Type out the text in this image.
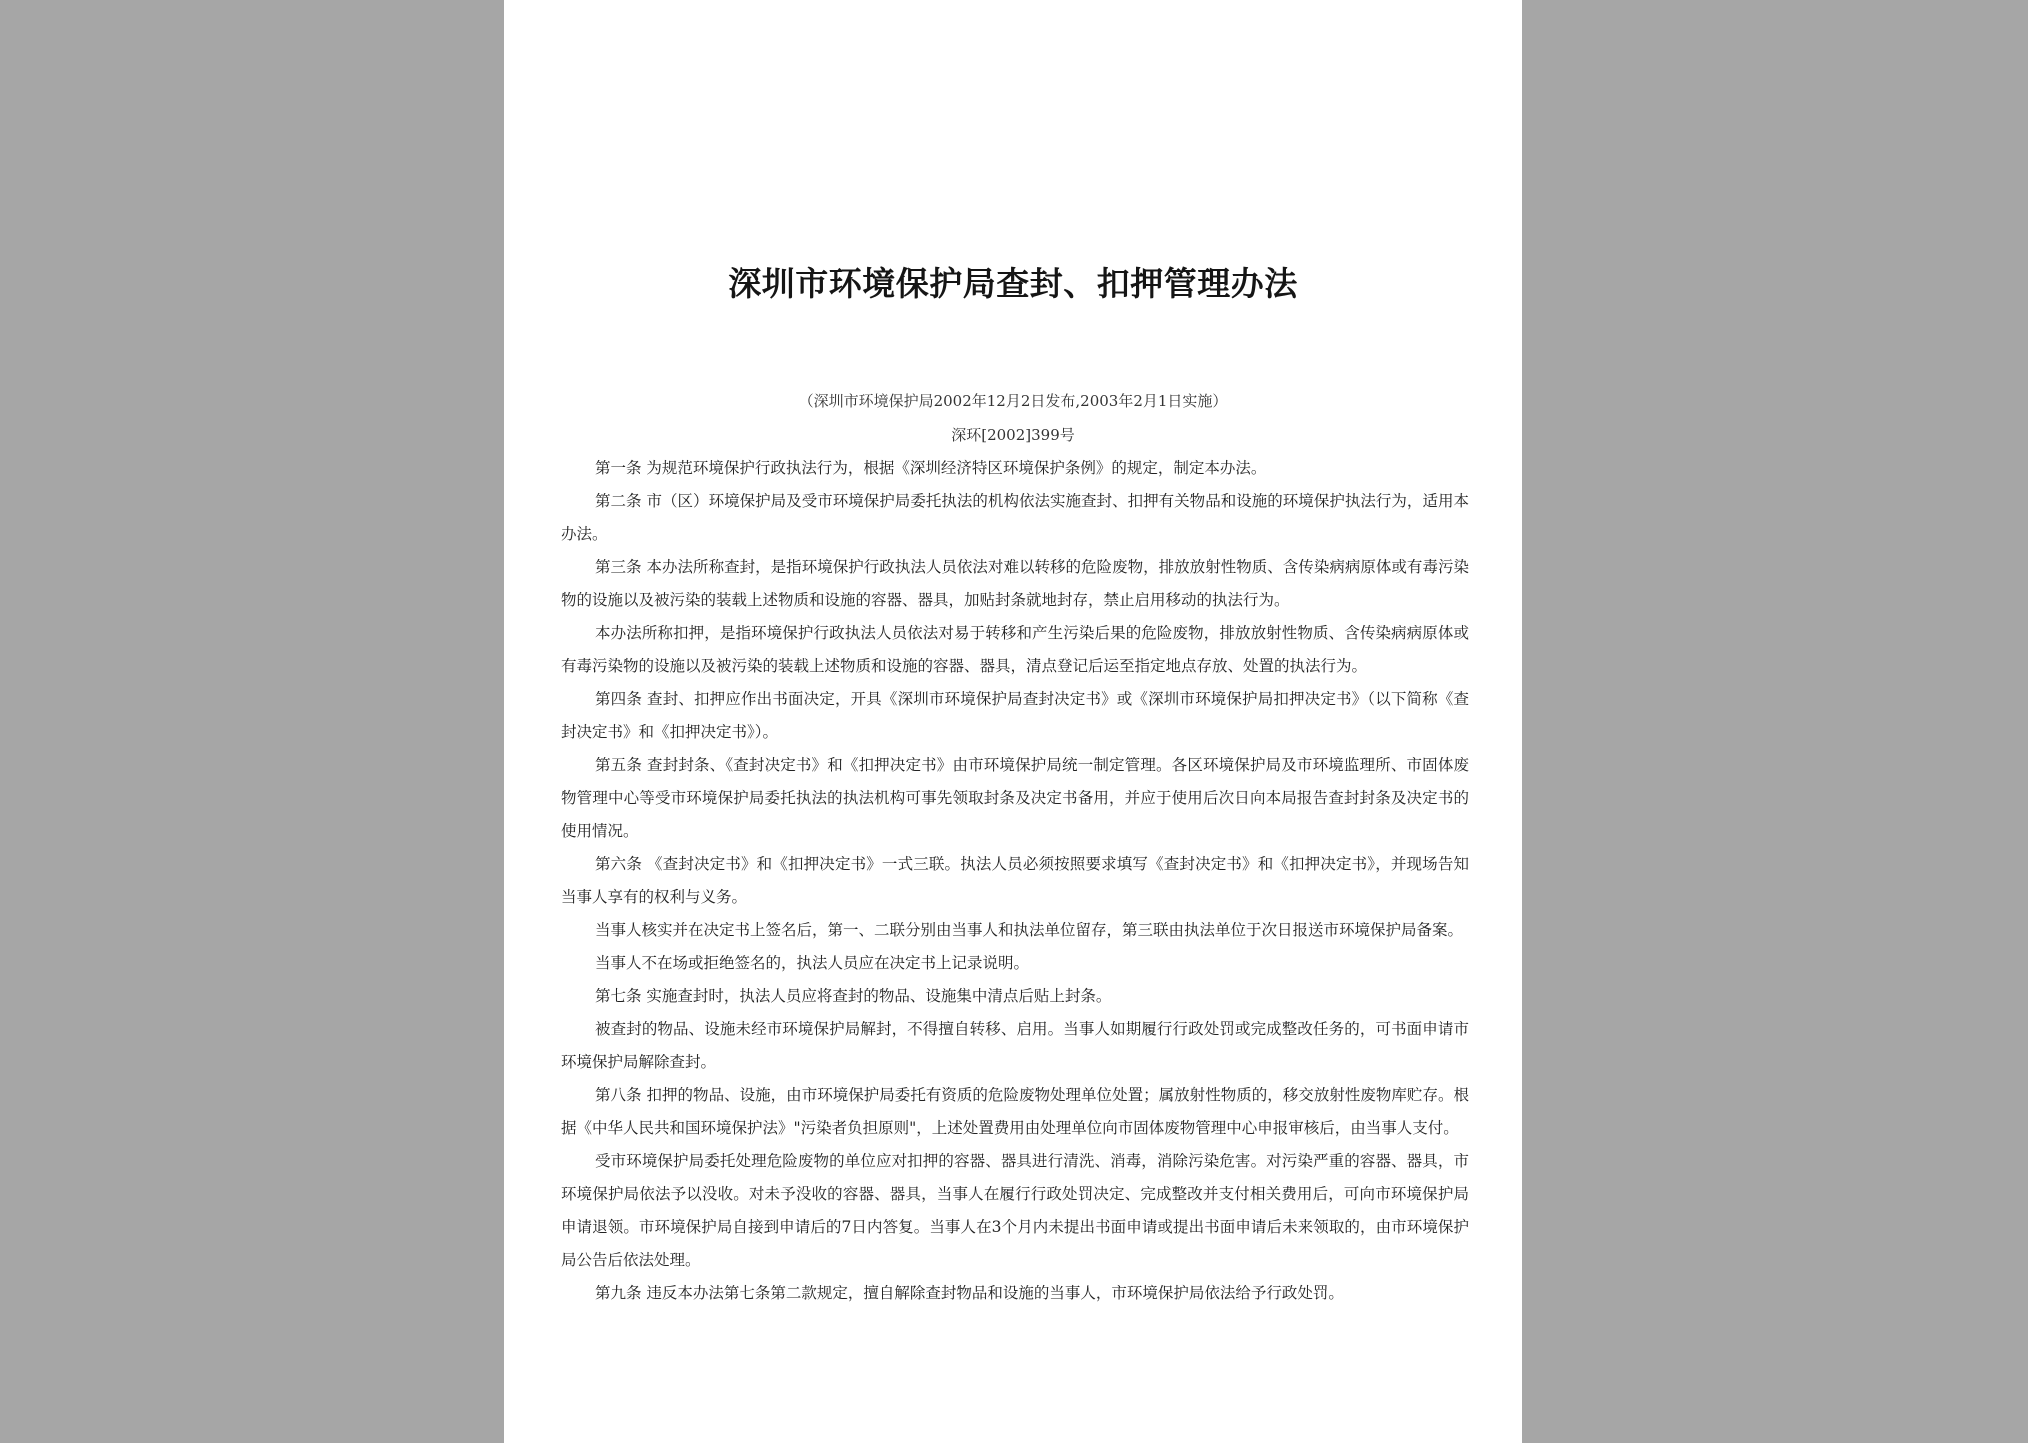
深圳市环境保护局查封、扣押管理办法
（深圳市环境保护局2002年12月2日发布,2003年2月1日实施）
深环[2002]399号

第一条 为规范环境保护行政执法行为，根据《深圳经济特区环境保护条例》的规定，制定本办法。

第二条 市（区）环境保护局及受市环境保护局委托执法的机构依法实施查封、扣押有关物品和设施的环境保护执法行为，适用本办法。

第三条 本办法所称查封，是指环境保护行政执法人员依法对难以转移的危险废物，排放放射性物质、含传染病病原体或有毒污染物的设施以及被污染的装载上述物质和设施的容器、器具，加贴封条就地封存，禁止启用移动的执法行为。

本办法所称扣押，是指环境保护行政执法人员依法对易于转移和产生污染后果的危险废物，排放放射性物质、含传染病病原体或有毒污染物的设施以及被污染的装载上述物质和设施的容器、器具，清点登记后运至指定地点存放、处置的执法行为。

第四条 查封、扣押应作出书面决定，开具《深圳市环境保护局查封决定书》或《深圳市环境保护局扣押决定书》（以下简称《查封决定书》和《扣押决定书》）。

第五条 查封封条、《查封决定书》和《扣押决定书》由市环境保护局统一制定管理。各区环境保护局及市环境监理所、市固体废物管理中心等受市环境保护局委托执法的执法机构可事先领取封条及决定书备用，并应于使用后次日向本局报告查封封条及决定书的使用情况。

第六条 《查封决定书》和《扣押决定书》一式三联。执法人员必须按照要求填写《查封决定书》和《扣押决定书》，并现场告知当事人享有的权利与义务。

当事人核实并在决定书上签名后，第一、二联分别由当事人和执法单位留存，第三联由执法单位于次日报送市环境保护局备案。

当事人不在场或拒绝签名的，执法人员应在决定书上记录说明。

第七条 实施查封时，执法人员应将查封的物品、设施集中清点后贴上封条。

被查封的物品、设施未经市环境保护局解封，不得擅自转移、启用。当事人如期履行行政处罚或完成整改任务的，可书面申请市环境保护局解除查封。

第八条 扣押的物品、设施，由市环境保护局委托有资质的危险废物处理单位处置；属放射性物质的，移交放射性废物库贮存。根据《中华人民共和国环境保护法》"污染者负担原则"，上述处置费用由处理单位向市固体废物管理中心申报审核后，由当事人支付。

受市环境保护局委托处理危险废物的单位应对扣押的容器、器具进行清洗、消毒，消除污染危害。对污染严重的容器、器具，市环境保护局依法予以没收。对未予没收的容器、器具，当事人在履行行政处罚决定、完成整改并支付相关费用后，可向市环境保护局申请退领。市环境保护局自接到申请后的7日内答复。当事人在3个月内未提出书面申请或提出书面申请后未来领取的，由市环境保护局公告后依法处理。

第九条 违反本办法第七条第二款规定，擅自解除查封物品和设施的当事人，市环境保护局依法给予行政处罚。
